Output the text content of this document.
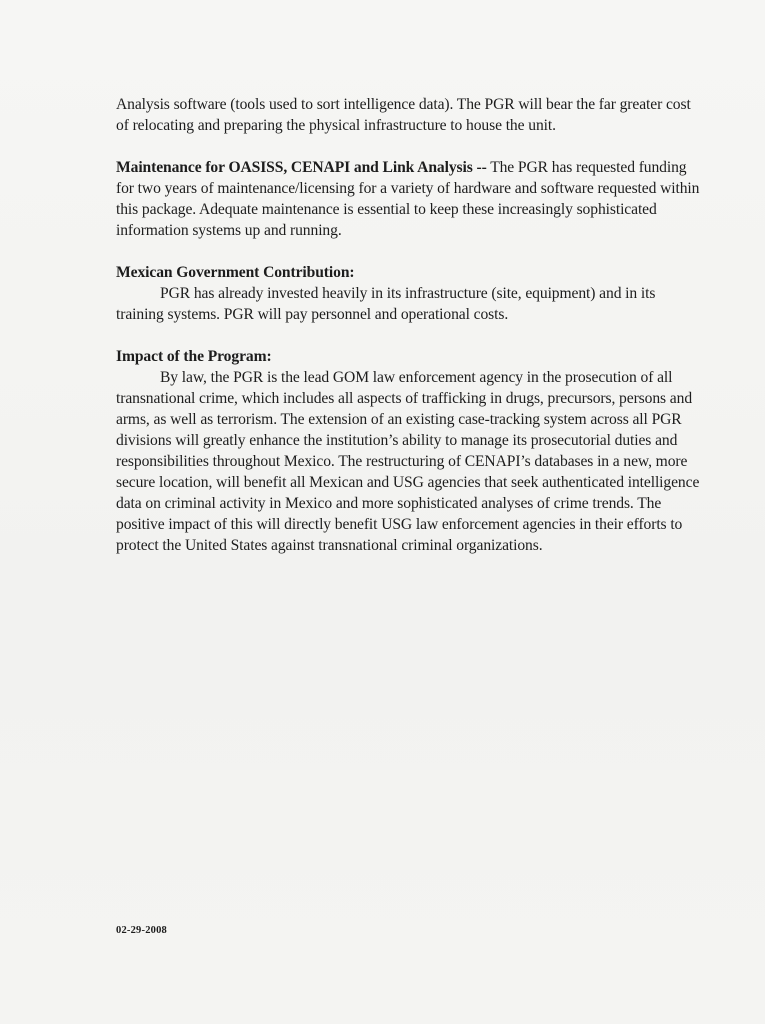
Analysis software (tools used to sort intelligence data). The PGR will bear the far greater cost of relocating and preparing the physical infrastructure to house the unit.

Maintenance for OASISS, CENAPI and Link Analysis -- The PGR has requested funding for two years of maintenance/licensing for a variety of hardware and software requested within this package. Adequate maintenance is essential to keep these increasingly sophisticated information systems up and running.

Mexican Government Contribution:

PGR has already invested heavily in its infrastructure (site, equipment) and in its training systems. PGR will pay personnel and operational costs.

Impact of the Program:

By law, the PGR is the lead GOM law enforcement agency in the prosecution of all transnational crime, which includes all aspects of trafficking in drugs, precursors, persons and arms, as well as terrorism. The extension of an existing case-tracking system across all PGR divisions will greatly enhance the institution’s ability to manage its prosecutorial duties and responsibilities throughout Mexico. The restructuring of CENAPI’s databases in a new, more secure location, will benefit all Mexican and USG agencies that seek authenticated intelligence data on criminal activity in Mexico and more sophisticated analyses of crime trends. The positive impact of this will directly benefit USG law enforcement agencies in their efforts to protect the United States against transnational criminal organizations.

02-29-2008
